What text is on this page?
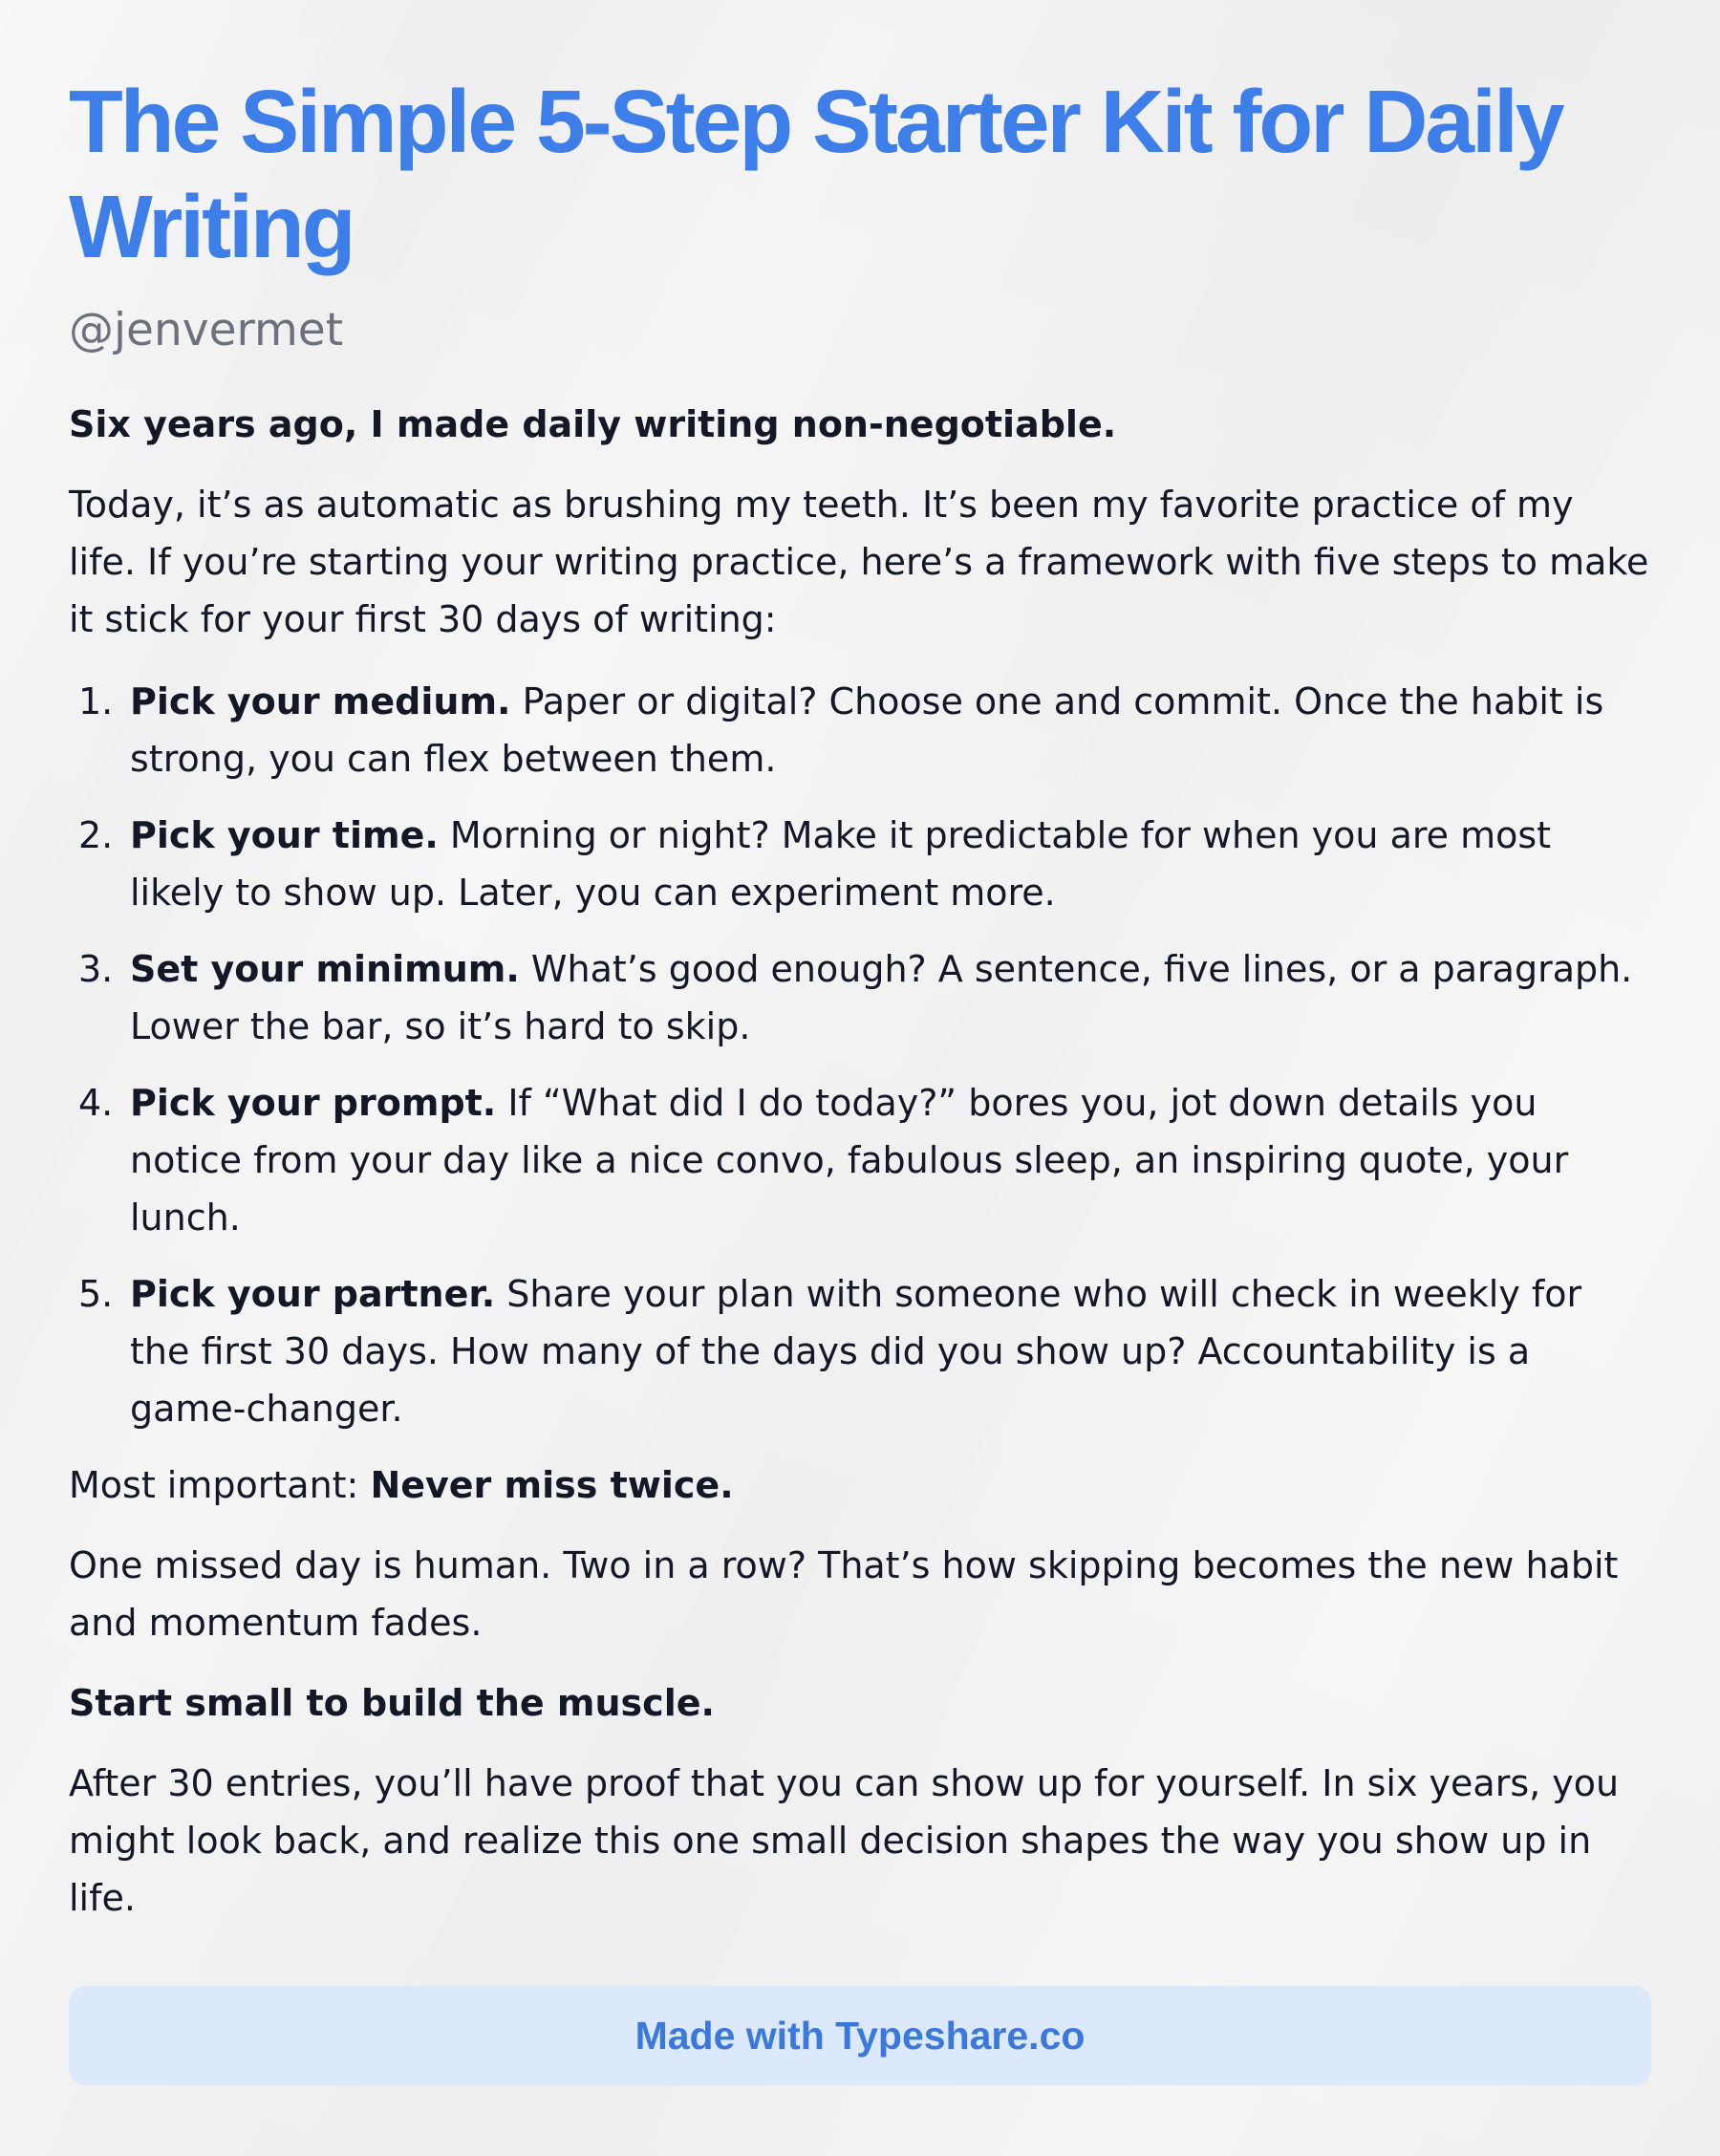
The Simple 5-Step Starter Kit for Daily Writing
@jenvermet

Six years ago, I made daily writing non-negotiable.

Today, it’s as automatic as brushing my teeth. It’s been my favorite practice of my life. If you’re starting your writing practice, here’s a framework with five steps to make it stick for your first 30 days of writing:

1. Pick your medium. Paper or digital? Choose one and commit. Once the habit is strong, you can flex between them.
2. Pick your time. Morning or night? Make it predictable for when you are most likely to show up. Later, you can experiment more.
3. Set your minimum. What’s good enough? A sentence, five lines, or a paragraph. Lower the bar, so it’s hard to skip.
4. Pick your prompt. If “What did I do today?” bores you, jot down details you notice from your day like a nice convo, fabulous sleep, an inspiring quote, your lunch.
5. Pick your partner. Share your plan with someone who will check in weekly for the first 30 days. How many of the days did you show up? Accountability is a game-changer.

Most important: Never miss twice.

One missed day is human. Two in a row? That’s how skipping becomes the new habit and momentum fades.

Start small to build the muscle.

After 30 entries, you’ll have proof that you can show up for yourself. In six years, you might look back, and realize this one small decision shapes the way you show up in life.

Made with Typeshare.co
